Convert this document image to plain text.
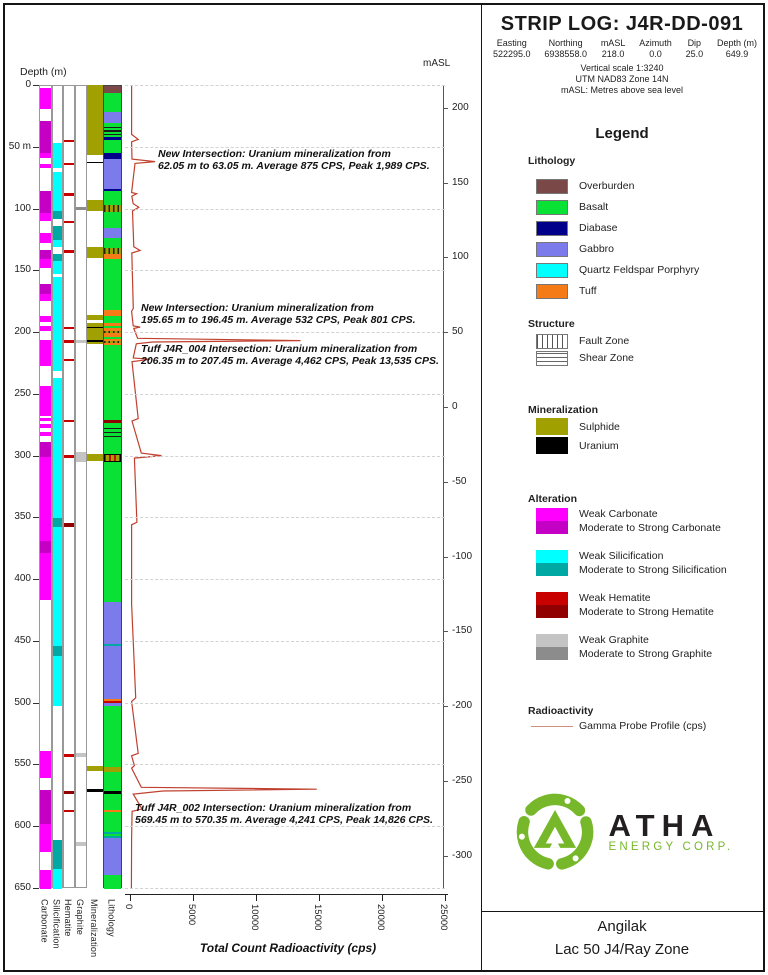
Depth (m)
mASL
Total Count Radioactivity (cps)
0
50 m
100
150
200
250
300
350
400
450
500
550
600
650
200
150
100
50
0
-50
-100
-150
-200
-250
-300
0	5000	10000	15000	20000	25000
Carbonate Silicification Hematite Graphite Mineralization Lithology
New Intersection: Uranium mineralization from
62.05 m to 63.05 m. Average 875 CPS, Peak 1,989 CPS.
New Intersection: Uranium mineralization from
195.65 m to 196.45 m. Average 532 CPS, Peak 801 CPS.
Tuff J4R_004 Intersection: Uranium mineralization from
206.35 m to 207.45 m. Average 4,462 CPS, Peak 13,535 CPS.
Tuff J4R_002 Intersection: Uranium mineralization from
569.45 m to 570.35 m. Average 4,241 CPS, Peak 14,826 CPS.
STRIP LOG: J4R-DD-091
Easting
522295.0
Northing
6938558.0
mASL
218.0
Azimuth
0.0
Dip
25.0
Depth (m)
649.9
Vertical scale 1:3240
UTM NAD83 Zone 14N
mASL: Metres above sea level
Legend
Lithology
Overburden
Basalt
Diabase
Gabbro
Quartz Feldspar Porphyry
Tuff
Structure
Fault Zone
Shear Zone
Mineralization
Sulphide
Uranium
Alteration
Weak Carbonate
Moderate to Strong Carbonate
Weak Silicification
Moderate to Strong Silicification
Weak Hematite
Moderate to Strong Hematite
Weak Graphite
Moderate to Strong Graphite
Radioactivity
Gamma Probe Profile (cps)
ATHA
ENERGY CORP.
Angilak
Lac 50 J4/Ray Zone
